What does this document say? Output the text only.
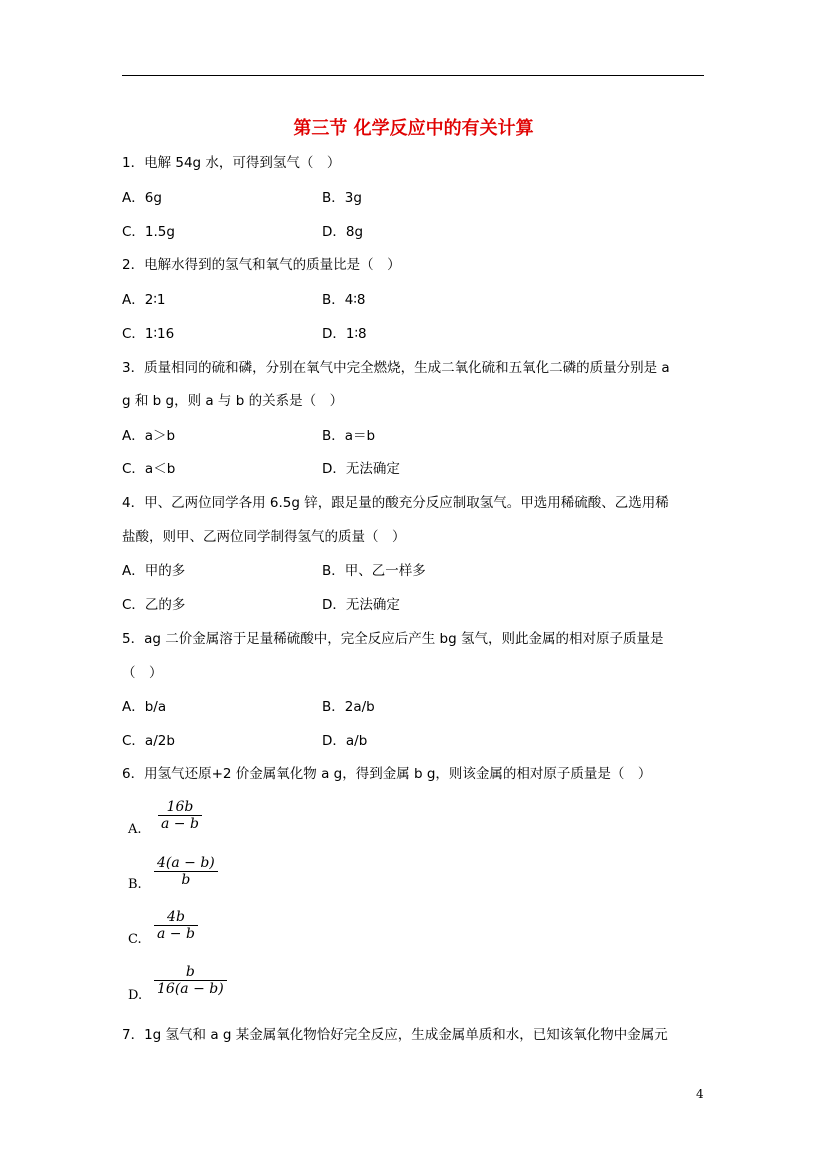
第三节 化学反应中的有关计算
1．电解 54g 水，可得到氢气（　）
A．6g	B．3g
C．1.5g	D．8g
2．电解水得到的氢气和氧气的质量比是（　）
A．2∶1	B．4∶8
C．1∶16	D．1∶8
3．质量相同的硫和磷，分别在氧气中完全燃烧，生成二氧化硫和五氧化二磷的质量分别是 a
g 和 b g，则 a 与 b 的关系是（　）
A．a＞b	B．a＝b
C．a＜b	D．无法确定
4．甲、乙两位同学各用 6.5g 锌，跟足量的酸充分反应制取氢气。甲选用稀硫酸、乙选用稀
盐酸，则甲、乙两位同学制得氢气的质量（　）
A．甲的多	B．甲、乙一样多
C．乙的多	D．无法确定
5．ag 二价金属溶于足量稀硫酸中，完全反应后产生 bg 氢气，则此金属的相对原子质量是
（　）
A．b/a	B．2a/b
C．a/2b	D．a/b
6．用氢气还原+2 价金属氧化物 a g，得到金属 b g，则该金属的相对原子质量是（　）
A.
16b
a − b
B.
4(a − b)
b
C.
4b
a − b
D.
b
16(a − b)
7．1g 氢气和 a g 某金属氧化物恰好完全反应，生成金属单质和水，已知该氧化物中金属元
4
